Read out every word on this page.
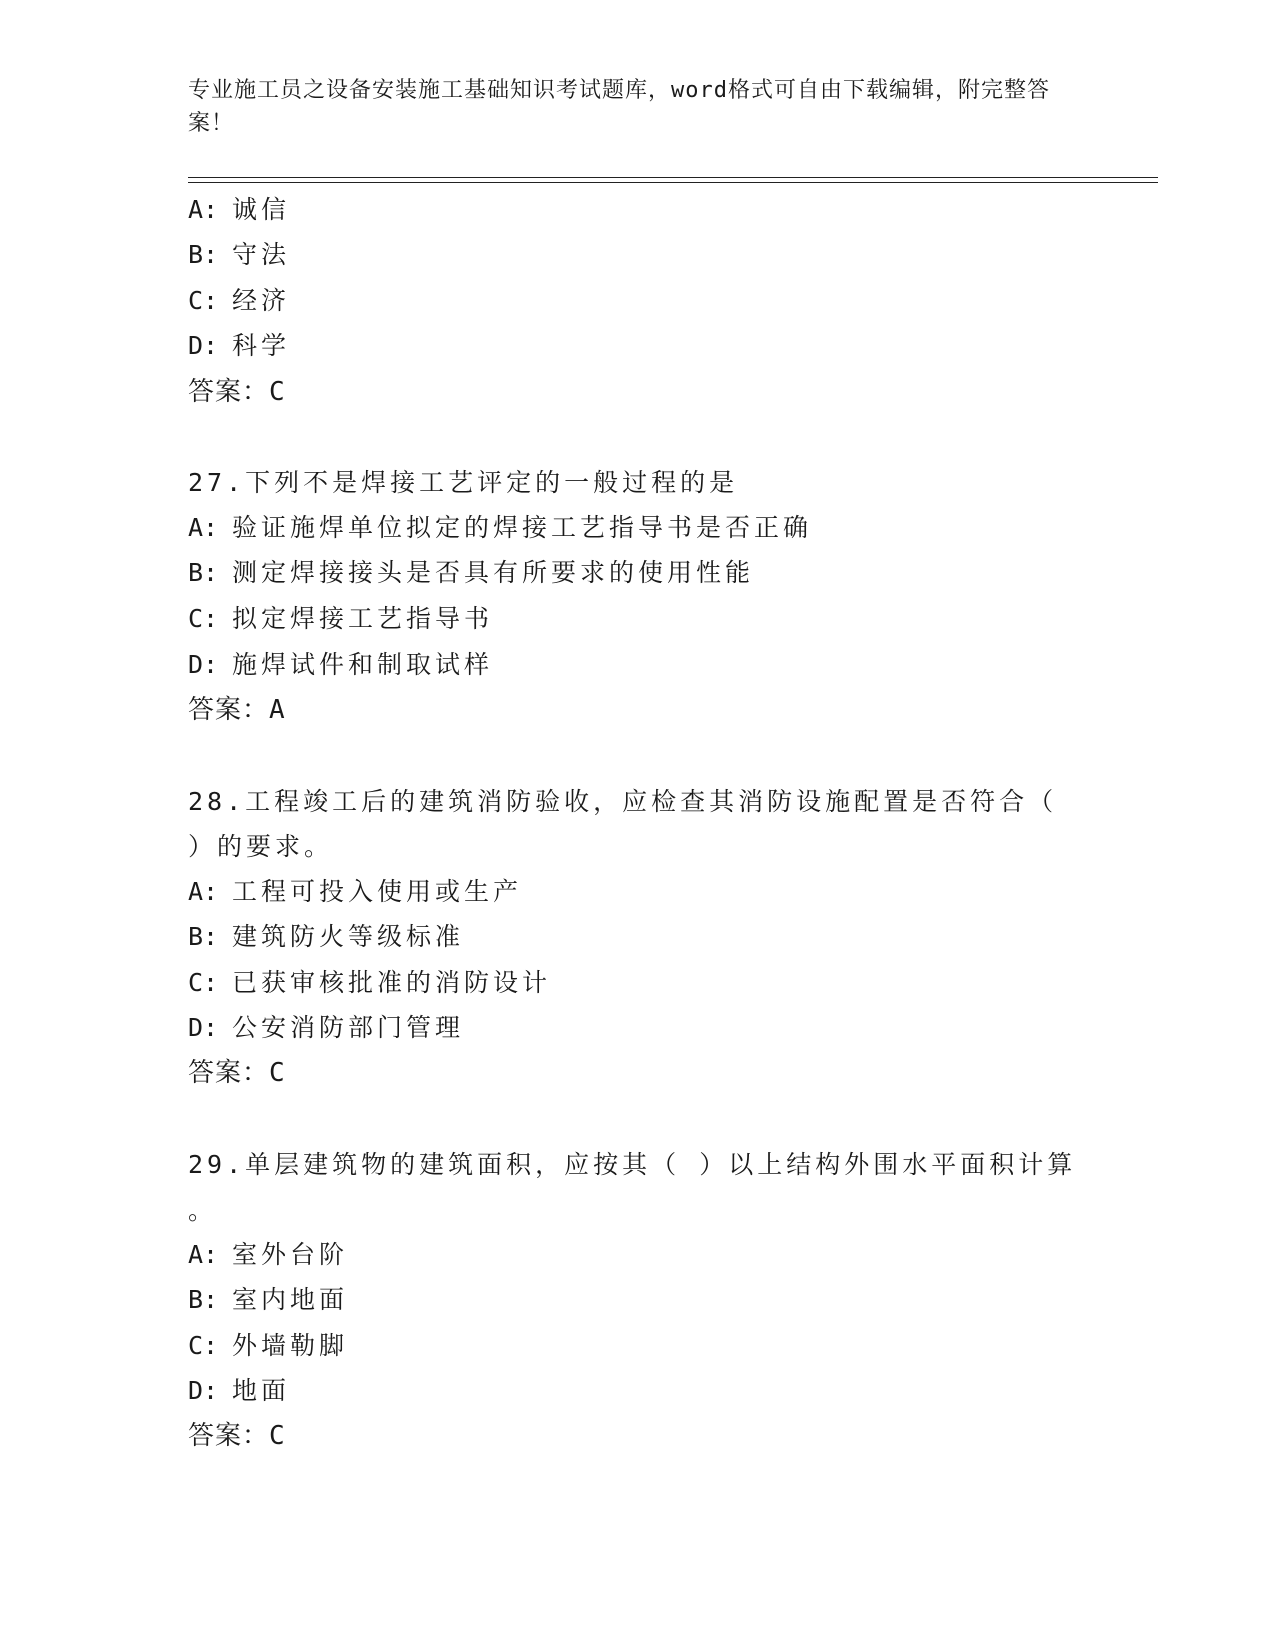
专业施工员之设备安装施工基础知识考试题库，word格式可自由下载编辑，附完整答案！
A: 诚信
B: 守法
C: 经济
D: 科学
答案：C
27.下列不是焊接工艺评定的一般过程的是
A: 验证施焊单位拟定的焊接工艺指导书是否正确
B: 测定焊接接头是否具有所要求的使用性能
C: 拟定焊接工艺指导书
D: 施焊试件和制取试样
答案：A
28.工程竣工后的建筑消防验收，应检查其消防设施配置是否符合（
）的要求。
A: 工程可投入使用或生产
B: 建筑防火等级标准
C: 已获审核批准的消防设计
D: 公安消防部门管理
答案：C
29.单层建筑物的建筑面积，应按其（ ）以上结构外围水平面积计算
。
A: 室外台阶
B: 室内地面
C: 外墙勒脚
D: 地面
答案：C
